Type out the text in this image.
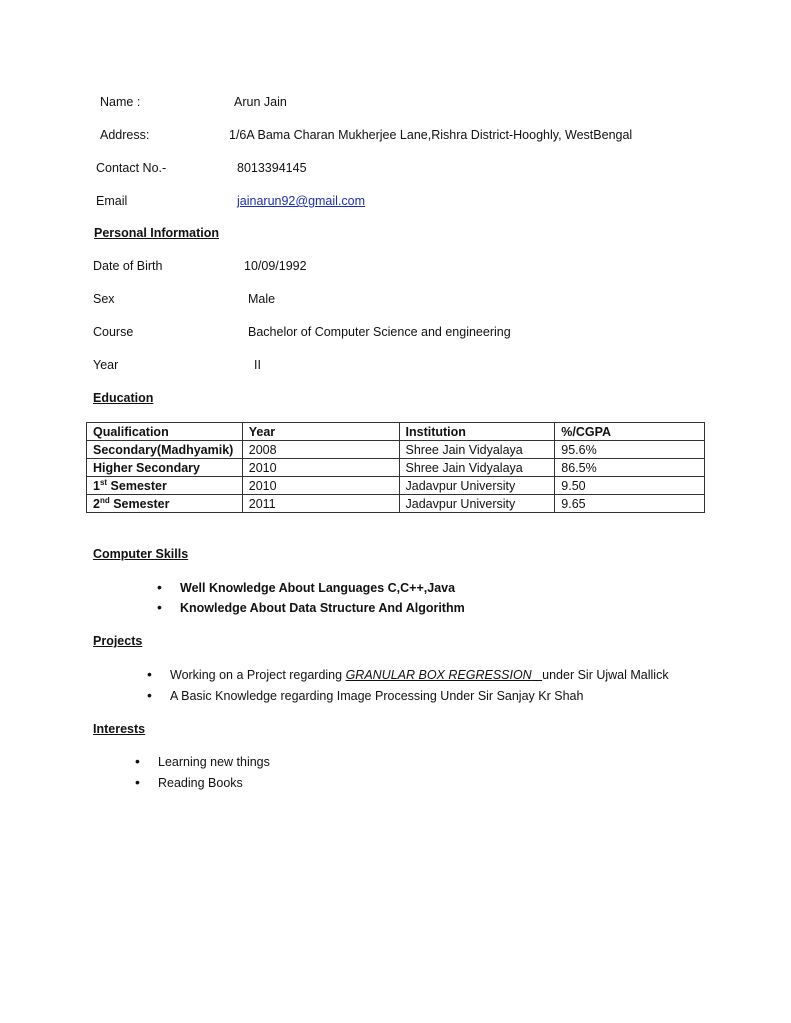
Name :	Arun Jain
Address:	1/6A Bama Charan Mukherjee Lane,Rishra District-Hooghly, WestBengal
Contact No.-	8013394145
Email	jainarun92@gmail.com
Personal Information
Date of Birth	10/09/1992
Sex	Male
Course	Bachelor of Computer Science and engineering
Year	II
Education
Qualification	Year	Institution	%/CGPA
Secondary(Madhyamik)	2008	Shree Jain Vidyalaya	95.6%
Higher Secondary	2010	Shree Jain Vidyalaya	86.5%
1st Semester	2010	Jadavpur University	9.50
2nd Semester	2011	Jadavpur University	9.65
Computer Skills
• Well Knowledge About Languages C,C++,Java
• Knowledge About Data Structure And Algorithm
Projects
• Working on a Project regarding GRANULAR BOX REGRESSION under Sir Ujwal Mallick
• A Basic Knowledge regarding Image Processing Under Sir Sanjay Kr Shah
Interests
• Learning new things
• Reading Books
